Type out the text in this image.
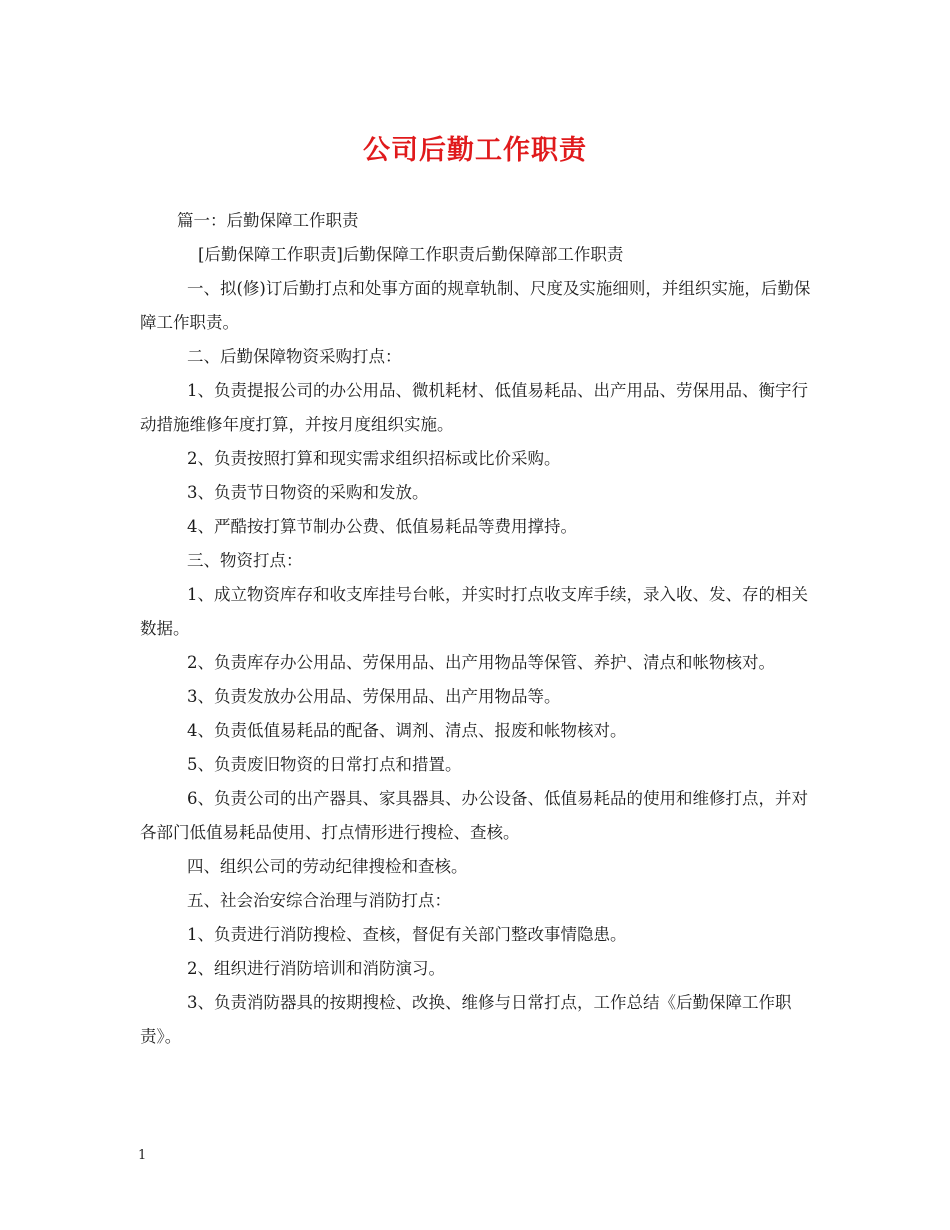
公司后勤工作职责

篇一：后勤保障工作职责

[后勤保障工作职责]后勤保障工作职责后勤保障部工作职责

一、拟(修)订后勤打点和处事方面的规章轨制、尺度及实施细则，并组织实施，后勤保障工作职责。

二、后勤保障物资采购打点：

1、负责提报公司的办公用品、微机耗材、低值易耗品、出产用品、劳保用品、衡宇行动措施维修年度打算，并按月度组织实施。

2、负责按照打算和现实需求组织招标或比价采购。

3、负责节日物资的采购和发放。

4、严酷按打算节制办公费、低值易耗品等费用撑持。

三、物资打点：

1、成立物资库存和收支库挂号台帐，并实时打点收支库手续，录入收、发、存的相关数据。

2、负责库存办公用品、劳保用品、出产用物品等保管、养护、清点和帐物核对。

3、负责发放办公用品、劳保用品、出产用物品等。

4、负责低值易耗品的配备、调剂、清点、报废和帐物核对。

5、负责废旧物资的日常打点和措置。

6、负责公司的出产器具、家具器具、办公设备、低值易耗品的使用和维修打点，并对各部门低值易耗品使用、打点情形进行搜检、查核。

四、组织公司的劳动纪律搜检和查核。

五、社会治安综合治理与消防打点：

1、负责进行消防搜检、查核，督促有关部门整改事情隐患。

2、组织进行消防培训和消防演习。

3、负责消防器具的按期搜检、改换、维修与日常打点，工作总结《后勤保障工作职责》。

1
